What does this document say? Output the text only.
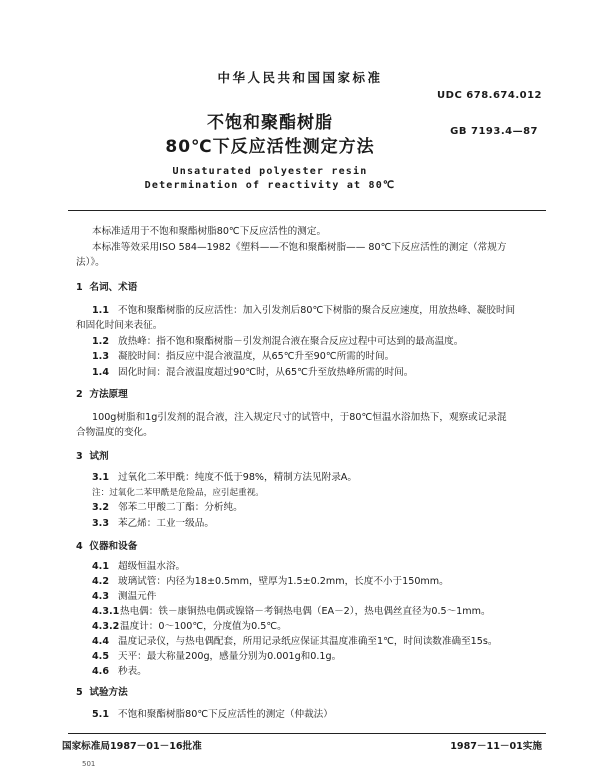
中华人民共和国国家标准
UDC 678.674.012
GB 7193.4—87
不饱和聚酯树脂
80℃下反应活性测定方法
Unsaturated polyester resin
Determination of reactivity at 80℃
本标准适用于不饱和聚酯树脂80℃下反应活性的测定。
本标准等效采用ISO 584—1982《塑料——不饱和聚酯树脂—— 80℃下反应活性的测定（常规方
法）》。
1 名词、术语
1.1 不饱和聚酯树脂的反应活性：加入引发剂后80℃下树脂的聚合反应速度，用放热峰、凝胶时间
和固化时间来表征。
1.2 放热峰：指不饱和聚酯树脂－引发剂混合液在聚合反应过程中可达到的最高温度。
1.3 凝胶时间：指反应中混合液温度，从65℃升至90℃所需的时间。
1.4 固化时间：混合液温度超过90℃时，从65℃升至放热峰所需的时间。
2 方法原理
100g树脂和1g引发剂的混合液，注入规定尺寸的试管中，于80℃恒温水浴加热下，观察或记录混
合物温度的变化。
3 试剂
3.1 过氧化二苯甲酰：纯度不低于98%，精制方法见附录A。
注：过氧化二苯甲酰是危险品，应引起重视。
3.2 邻苯二甲酸二丁酯：分析纯。
3.3 苯乙烯：工业一级品。
4 仪器和设备
4.1 超级恒温水浴。
4.2 玻璃试管：内径为18±0.5mm，壁厚为1.5±0.2mm，长度不小于150mm。
4.3 测温元件
4.3.1热电偶：铁－康铜热电偶或镍铬－考铜热电偶（EA－2），热电偶丝直径为0.5～1mm。
4.3.2温度计：0～100℃，分度值为0.5℃。
4.4 温度记录仪，与热电偶配套，所用记录纸应保证其温度准确至1℃，时间读数准确至15s。
4.5 天平：最大称量200g，感量分别为0.001g和0.1g。
4.6 秒表。
5 试验方法
5.1 不饱和聚酯树脂80℃下反应活性的测定（仲裁法）
国家标准局1987－01－16批准	1987－11－01实施
501
